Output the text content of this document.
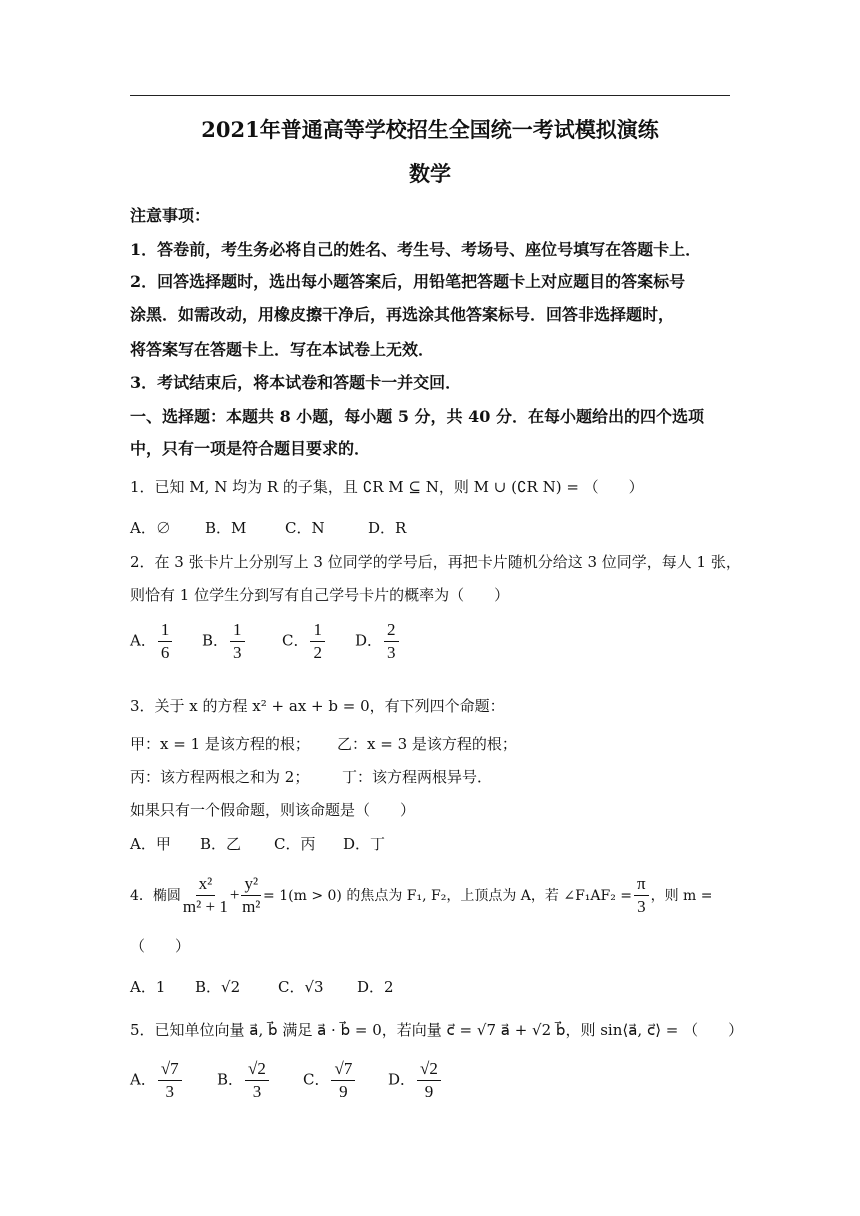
2021年普通高等学校招生全国统一考试模拟演练
数学
注意事项：
1．答卷前，考生务必将自己的姓名、考生号、考场号、座位号填写在答题卡上．
2．回答选择题时，选出每小题答案后，用铅笔把答题卡上对应题目的答案标号
涂黑．如需改动，用橡皮擦干净后，再选涂其他答案标号．回答非选择题时，
将答案写在答题卡上．写在本试卷上无效．
3．考试结束后，将本试卷和答题卡一并交回．
一、选择题：本题共 8 小题，每小题 5 分，共 40 分．在每小题给出的四个选项
中，只有一项是符合题目要求的．
1．已知 M, N 均为 R 的子集，且 ∁R M ⊆ N，则 M ∪ (∁R N) = （　　）
A．∅ B．M	C．N	D．R
2．在 3 张卡片上分别写上 3 位同学的学号后，再把卡片随机分给这 3 位同学，每人 1 张，
则恰有 1 位学生分到写有自己学号卡片的概率为（　　）
A． $\frac{1}{6}$ B． $\frac{1}{3}$ C． $\frac{1}{2}$ D． $\frac{2}{3}$
3．关于 x 的方程 x² + ax + b = 0，有下列四个命题：
甲：x = 1 是该方程的根； 乙：x = 3 是该方程的根；
丙：该方程两根之和为 2； 丁：该方程两根异号．
如果只有一个假命题，则该命题是（　　）
A．甲 B．乙 C．丙 D．丁
4．椭圆 $\frac{\text{x²}}{\text{m² + 1}} + \frac{\text{y²}}{\text{m²}} = 1(m > 0)$ 的焦点为 F₁, F₂，上顶点为 A，若 ∠F₁AF₂ = $\frac{\pi}{3}$ ，则 m =
（　　）
A．1 B．√2	C．√3 D．2
5．已知单位向量 a⃗, b⃗ 满足 a⃗ · b⃗ = 0，若向量 c⃗ = √7 a⃗ + √2 b⃗，则 sin⟨a⃗, c⃗⟩ = （　　）
A． $\frac{√7}{3}$ B． $\frac{√2}{3}$ C． $\frac{√7}{9}$ D． $\frac{√2}{9}$
